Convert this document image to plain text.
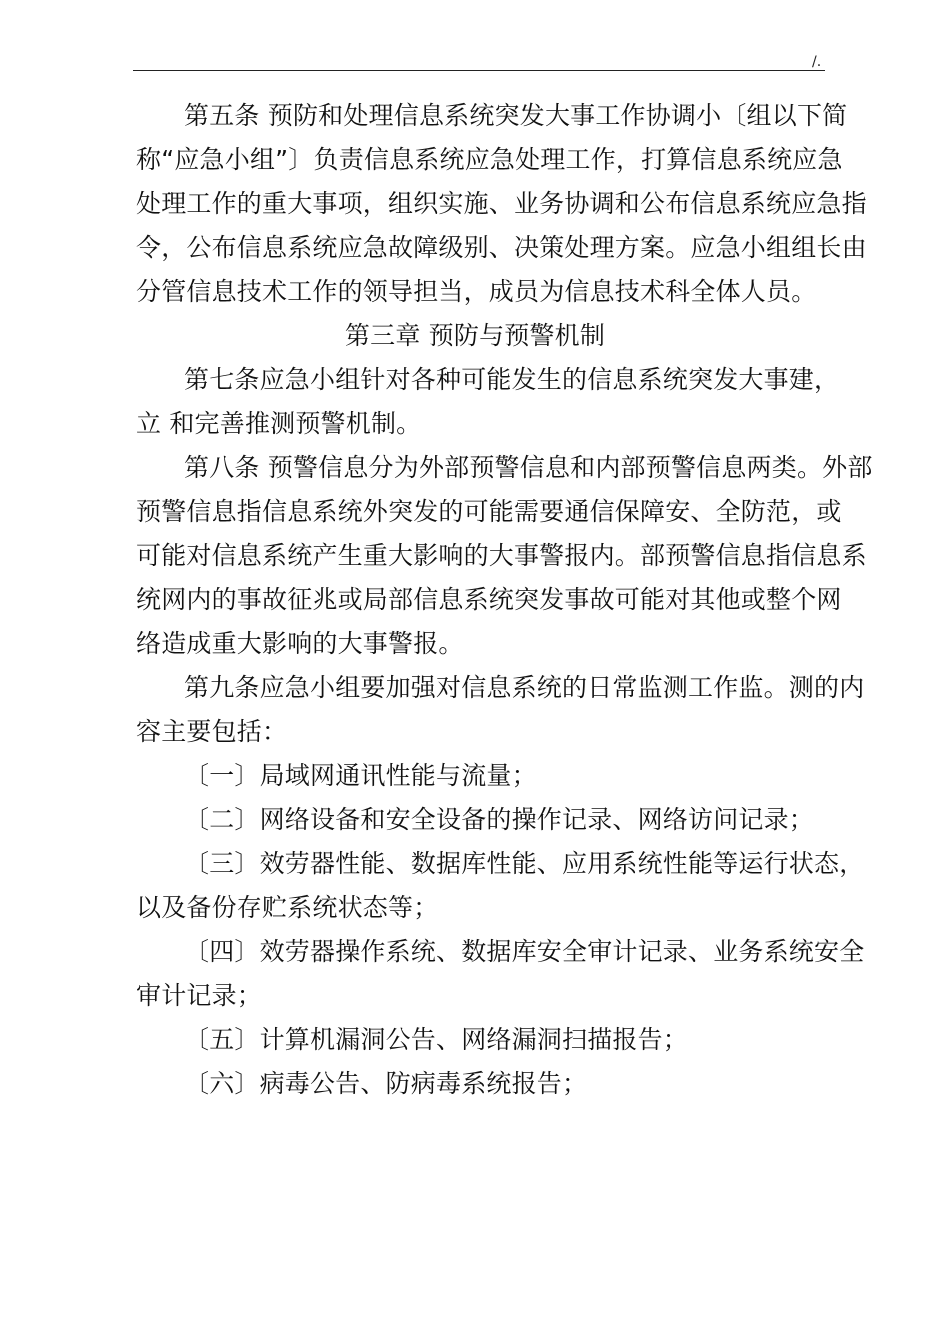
/.
第五条 预防和处理信息系统突发大事工作协调小〔组以下简
称“应急小组”〕负责信息系统应急处理工作，打算信息系统应急
处理工作的重大事项，组织实施、业务协调和公布信息系统应急指
令，公布信息系统应急故障级别、决策处理方案。应急小组组长由
分管信息技术工作的领导担当，成员为信息技术科全体人员。
第三章 预防与预警机制
第七条应急小组针对各种可能发生的信息系统突发大事建，
立 和完善推测预警机制。
第八条 预警信息分为外部预警信息和内部预警信息两类。外部
预警信息指信息系统外突发的可能需要通信保障安、全防范，或
可能对信息系统产生重大影响的大事警报内。部预警信息指信息系
统网内的事故征兆或局部信息系统突发事故可能对其他或整个网
络造成重大影响的大事警报。
第九条应急小组要加强对信息系统的日常监测工作监。测的内
容主要包括：
〔一〕局域网通讯性能与流量；
〔二〕网络设备和安全设备的操作记录、网络访问记录；
〔三〕效劳器性能、数据库性能、应用系统性能等运行状态，
以及备份存贮系统状态等；
〔四〕效劳器操作系统、数据库安全审计记录、业务系统安全
审计记录；
〔五〕计算机漏洞公告、网络漏洞扫描报告；
〔六〕病毒公告、防病毒系统报告；
